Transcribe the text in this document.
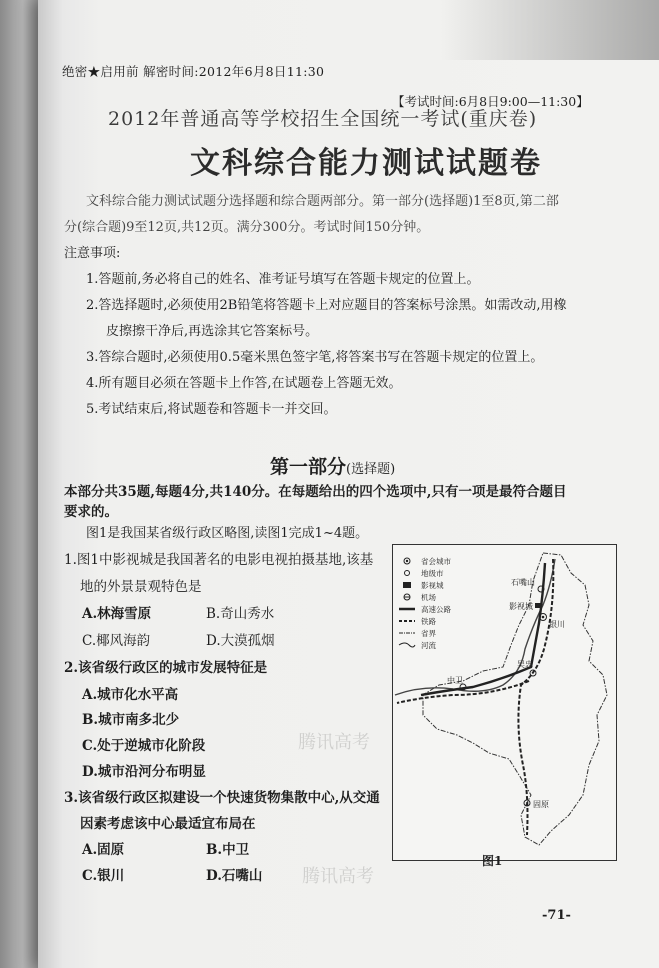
绝密★启用前 解密时间:2012年6月8日11:30
【考试时间:6月8日9:00—11:30】
2012年普通高等学校招生全国统一考试(重庆卷)
文科综合能力测试试题卷
文科综合能力测试试题分选择题和综合题两部分。第一部分(选择题)1至8页,第二部
分(综合题)9至12页,共12页。满分300分。考试时间150分钟。
注意事项:
1.答题前,务必将自己的姓名、准考证号填写在答题卡规定的位置上。
2.答选择题时,必须使用2B铅笔将答题卡上对应题目的答案标号涂黑。如需改动,用橡
皮擦擦干净后,再选涂其它答案标号。
3.答综合题时,必须使用0.5毫米黑色签字笔,将答案书写在答题卡规定的位置上。
4.所有题目必须在答题卡上作答,在试题卷上答题无效。
5.考试结束后,将试题卷和答题卡一并交回。
第一部分(选择题)
本部分共35题,每题4分,共140分。在每题给出的四个选项中,只有一项是最符合题目
要求的。
图1是我国某省级行政区略图,读图1完成1~4题。
1.图1中影视城是我国著名的电影电视拍摄基地,该基
地的外景景观特色是
A.林海雪原	B.奇山秀水
C.椰风海韵	D.大漠孤烟
2.该省级行政区的城市发展特征是
A.城市化水平高
B.城市南多北少
C.处于逆城市化阶段
D.城市沿河分布明显
3.该省级行政区拟建设一个快速货物集散中心,从交通
因素考虑该中心最适宜布局在
A.固原	B.中卫
C.银川	D.石嘴山
省会城市
地级市
影视城
机场
高速公路
铁路
省界
河流
石嘴山
影视城
银川
吴忠
中卫
固原
图1
-71-
腾讯高考
腾讯高考
